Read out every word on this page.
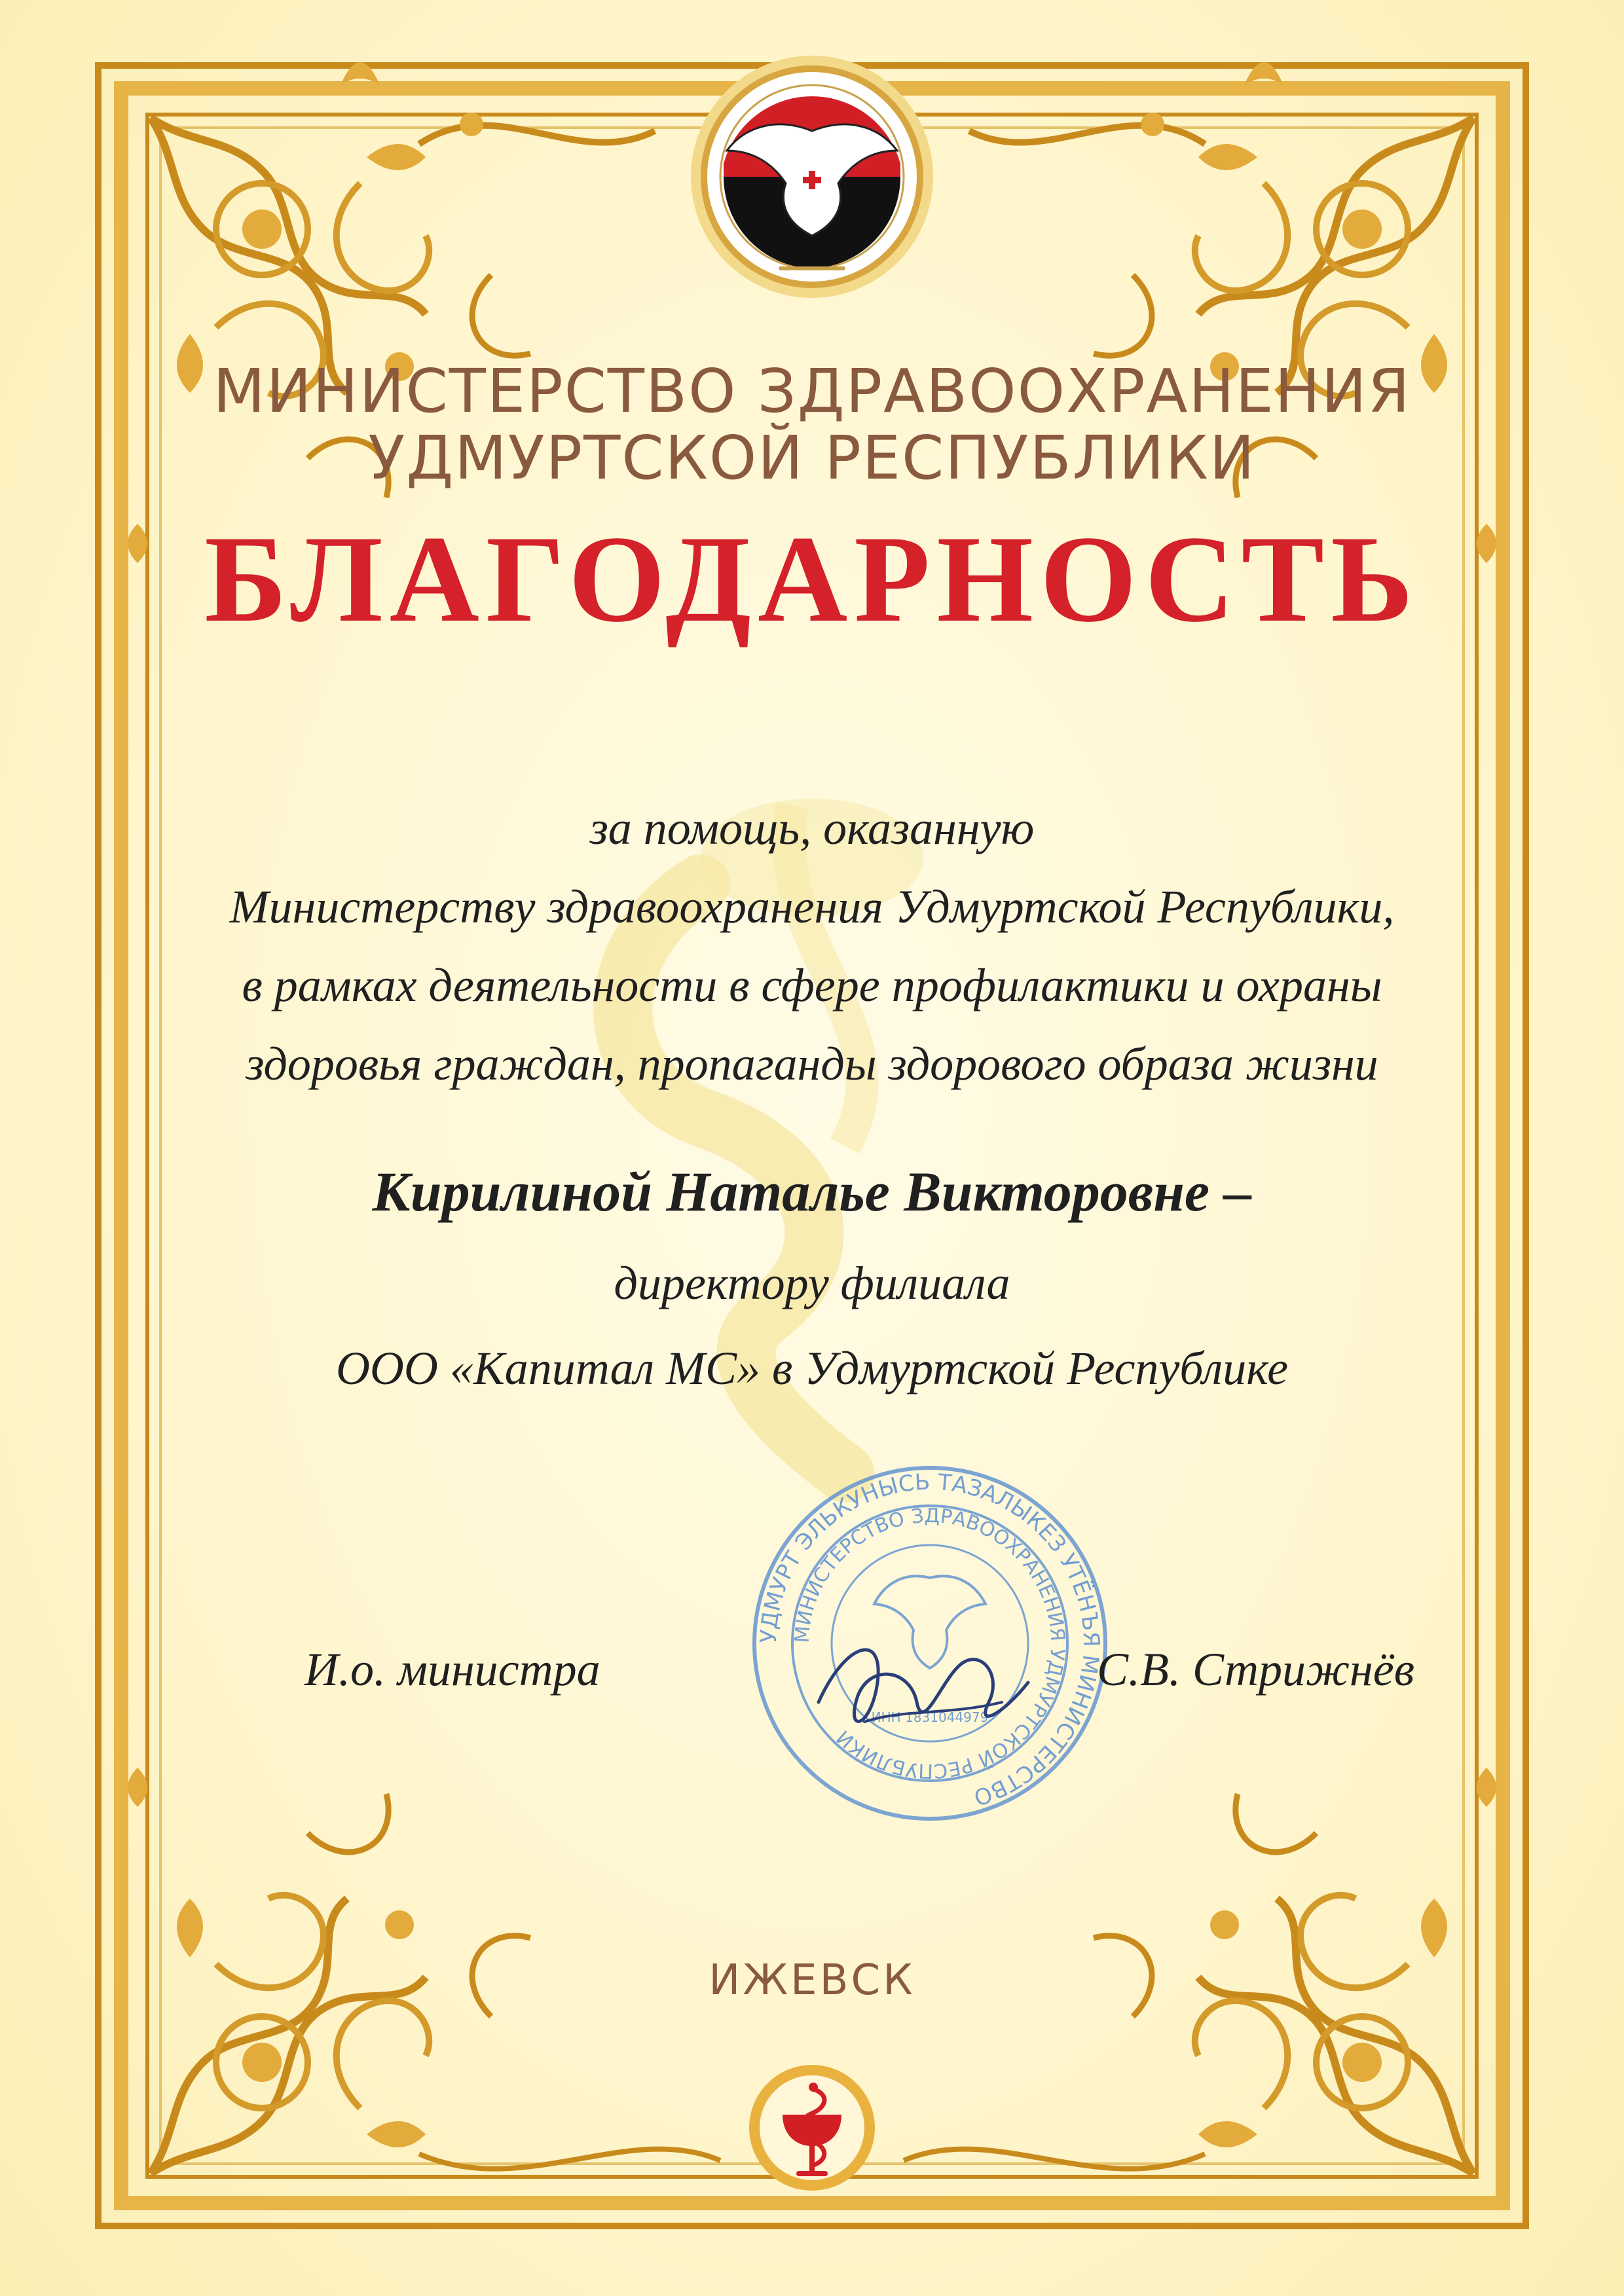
МИНИСТЕРСТВО ЗДРАВООХРАНЕНИЯ
УДМУРТСКОЙ РЕСПУБЛИКИ
БЛАГОДАРНОСТЬ
за помощь, оказанную
Министерству здравоохранения Удмуртской Республики,
в рамках деятельности в сфере профилактики и охраны
здоровья граждан, пропаганды здорового образа жизни
Кирилиной Наталье Викторовне –
директору филиала
ООО «Капитал МС» в Удмуртской Республике
УДМУРТ ЭЛЬКУНЫСЬ ТАЗАЛЫКЕЗ УТЁНЪЯ МИНИСТЕРСТВО
МИНИСТЕРСТВО ЗДРАВООХРАНЕНИЯ УДМУРТСКОЙ РЕСПУБЛИКИ
ИНН 1831044979
И.о. министра	С.В. Стрижнёв
ИЖЕВСК
